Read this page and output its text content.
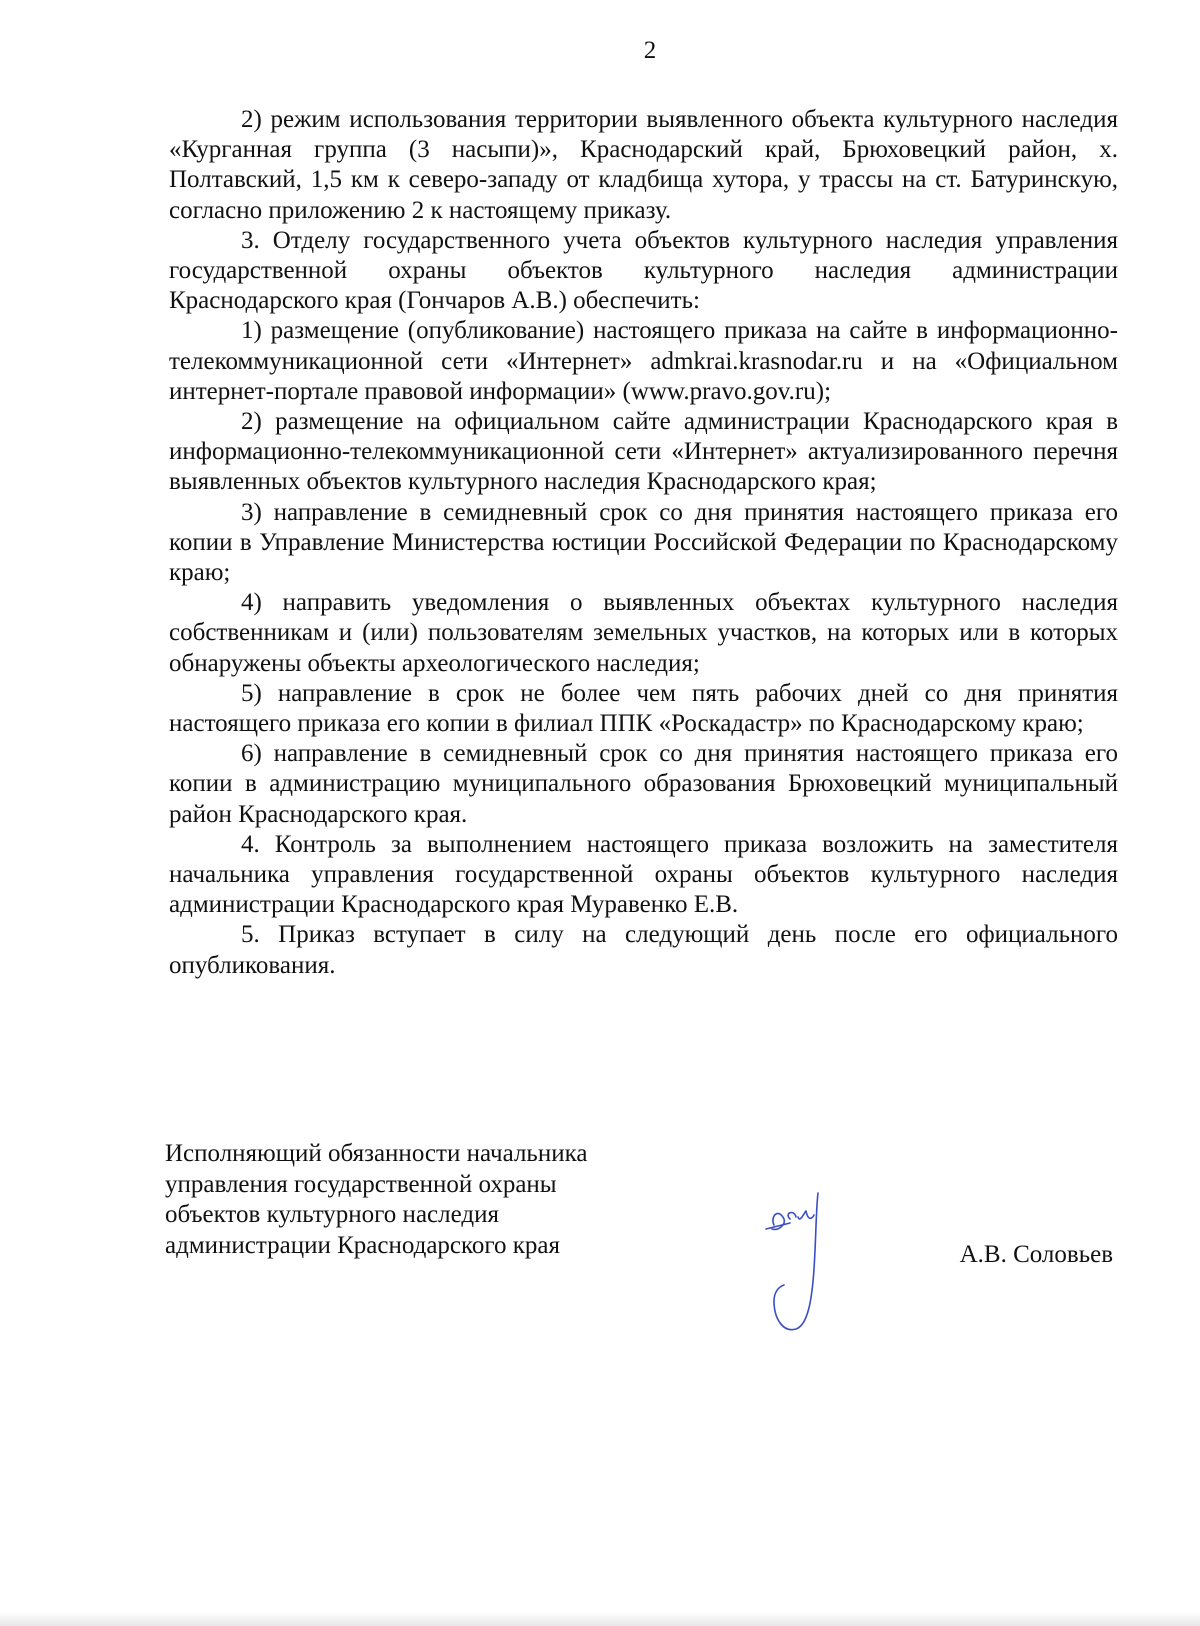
2

2) режим использования территории выявленного объекта культурного наследия «Курганная группа (3 насыпи)», Краснодарский край, Брюховецкий район, х. Полтавский, 1,5 км к северо-западу от кладбища хутора, у трассы на ст. Батуринскую, согласно приложению 2 к настоящему приказу.

3. Отделу государственного учета объектов культурного наследия управления государственной охраны объектов культурного наследия администрации Краснодарского края (Гончаров А.В.) обеспечить:

1) размещение (опубликование) настоящего приказа на сайте в информационно-телекоммуникационной сети «Интернет» admkrai.krasnodar.ru и на «Официальном интернет-портале правовой информации» (www.pravo.gov.ru);

2) размещение на официальном сайте администрации Краснодарского края в информационно-телекоммуникационной сети «Интернет» актуализированного перечня выявленных объектов культурного наследия Краснодарского края;

3) направление в семидневный срок со дня принятия настоящего приказа его копии в Управление Министерства юстиции Российской Федерации по Краснодарскому краю;

4) направить уведомления о выявленных объектах культурного наследия собственникам и (или) пользователям земельных участков, на которых или в которых обнаружены объекты археологического наследия;

5) направление в срок не более чем пять рабочих дней со дня принятия настоящего приказа его копии в филиал ППК «Роскадастр» по Краснодарскому краю;

6) направление в семидневный срок со дня принятия настоящего приказа его копии в администрацию муниципального образования Брюховецкий муниципальный район Краснодарского края.

4. Контроль за выполнением настоящего приказа возложить на заместителя начальника управления государственной охраны объектов культурного наследия администрации Краснодарского края Муравенко Е.В.

5. Приказ вступает в силу на следующий день после его официального опубликования.

Исполняющий обязанности начальника
управления государственной охраны
объектов культурного наследия
администрации Краснодарского края	А.В. Соловьев
